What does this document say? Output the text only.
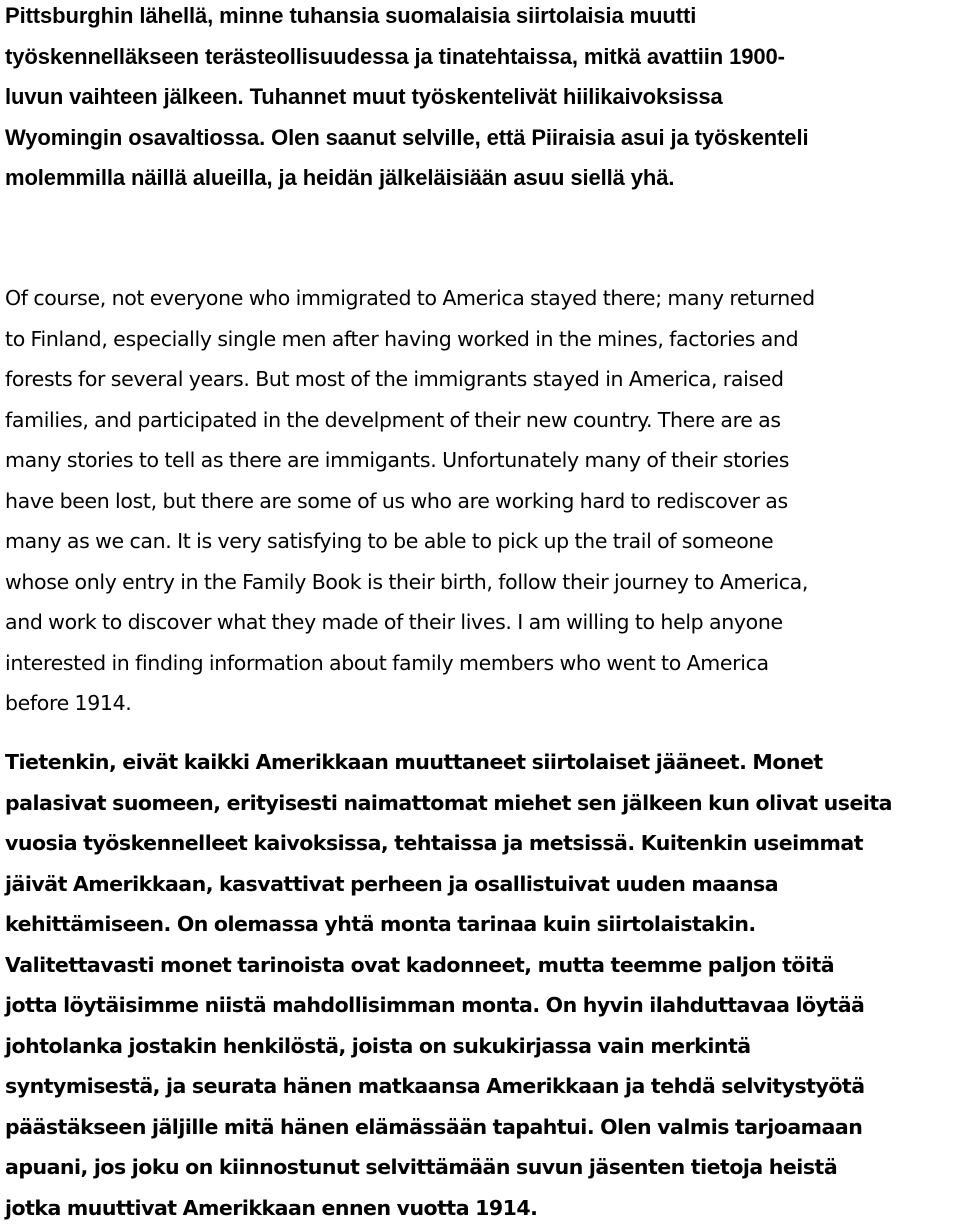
Pittsburghin lähellä, minne tuhansia suomalaisia siirtolaisia muutti
työskennelläkseen terästeollisuudessa ja tinatehtaissa, mitkä avattiin 1900-
luvun vaihteen jälkeen. Tuhannet muut työskentelivät hiilikaivoksissa
Wyomingin osavaltiossa. Olen saanut selville, että Piiraisia asui ja työskenteli
molemmilla näillä alueilla, ja heidän jälkeläisiään asuu siellä yhä.
Of course, not everyone who immigrated to America stayed there; many returned
to Finland, especially single men after having worked in the mines, factories and
forests for several years. But most of the immigrants stayed in America, raised
families, and participated in the develpment of their new country. There are as
many stories to tell as there are immigants. Unfortunately many of their stories
have been lost, but there are some of us who are working hard to rediscover as
many as we can. It is very satisfying to be able to pick up the trail of someone
whose only entry in the Family Book is their birth, follow their journey to America,
and work to discover what they made of their lives. I am willing to help anyone
interested in finding information about family members who went to America
before 1914.
Tietenkin, eivät kaikki Amerikkaan muuttaneet siirtolaiset jääneet. Monet
palasivat suomeen, erityisesti naimattomat miehet sen jälkeen kun olivat useita
vuosia työskennelleet kaivoksissa, tehtaissa ja metsissä. Kuitenkin useimmat
jäivät Amerikkaan, kasvattivat perheen ja osallistuivat uuden maansa
kehittämiseen. On olemassa yhtä monta tarinaa kuin siirtolaistakin.
Valitettavasti monet tarinoista ovat kadonneet, mutta teemme paljon töitä
jotta löytäisimme niistä mahdollisimman monta. On hyvin ilahduttavaa löytää
johtolanka jostakin henkilöstä, joista on sukukirjassa vain merkintä
syntymisestä, ja seurata hänen matkaansa Amerikkaan ja tehdä selvitystyötä
päästäkseen jäljille mitä hänen elämässään tapahtui. Olen valmis tarjoamaan
apuani, jos joku on kiinnostunut selvittämään suvun jäsenten tietoja heistä
jotka muuttivat Amerikkaan ennen vuotta 1914.
